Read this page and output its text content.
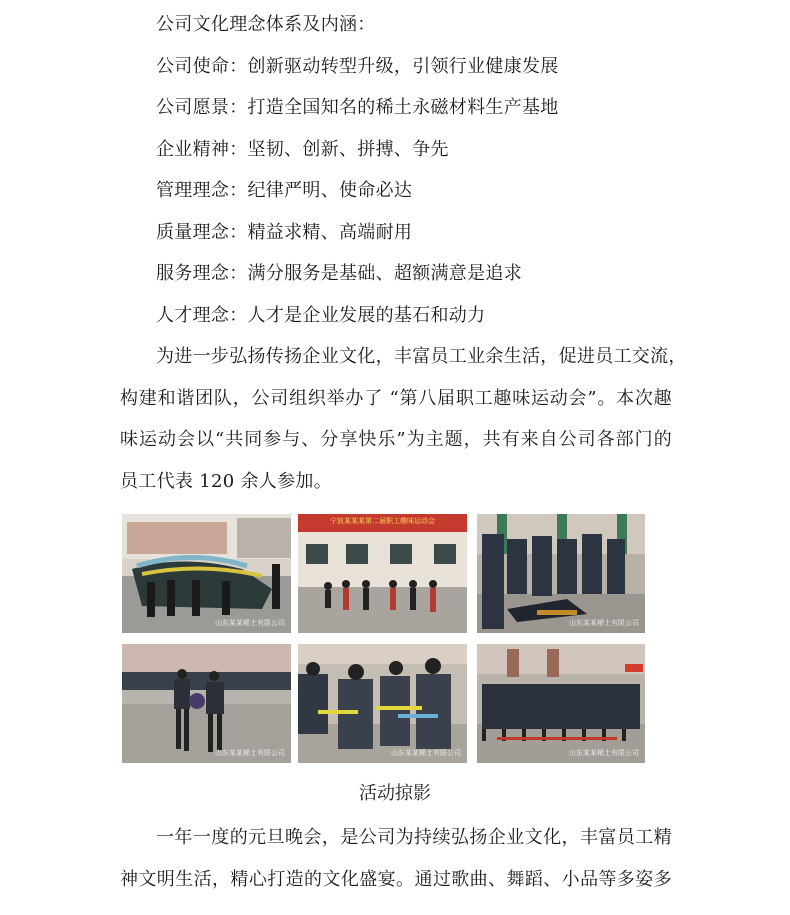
公司文化理念体系及内涵：
公司使命：创新驱动转型升级，引领行业健康发展
公司愿景：打造全国知名的稀土永磁材料生产基地
企业精神：坚韧、创新、拼搏、争先
管理理念：纪律严明、使命必达
质量理念：精益求精、高端耐用
服务理念：满分服务是基础、超额满意是追求
人才理念：人才是企业发展的基石和动力
为进一步弘扬传扬企业文化，丰富员工业余生活，促进员工交流，
构建和谐团队，公司组织举办了 “第八届职工趣味运动会”。本次趣
味运动会以“共同参与、分享快乐”为主题，共有来自公司各部门的
员工代表 120 余人参加。
山东某某稀土有限公司
宁波某某某第二届职工趣味运动会
山东某某稀土有限公司
山东某某稀土有限公司	山东某某稀土有限公司	山东某某稀土有限公司
活动掠影
一年一度的元旦晚会，是公司为持续弘扬企业文化，丰富员工精
神文明生活，精心打造的文化盛宴。通过歌曲、舞蹈、小品等多姿多
